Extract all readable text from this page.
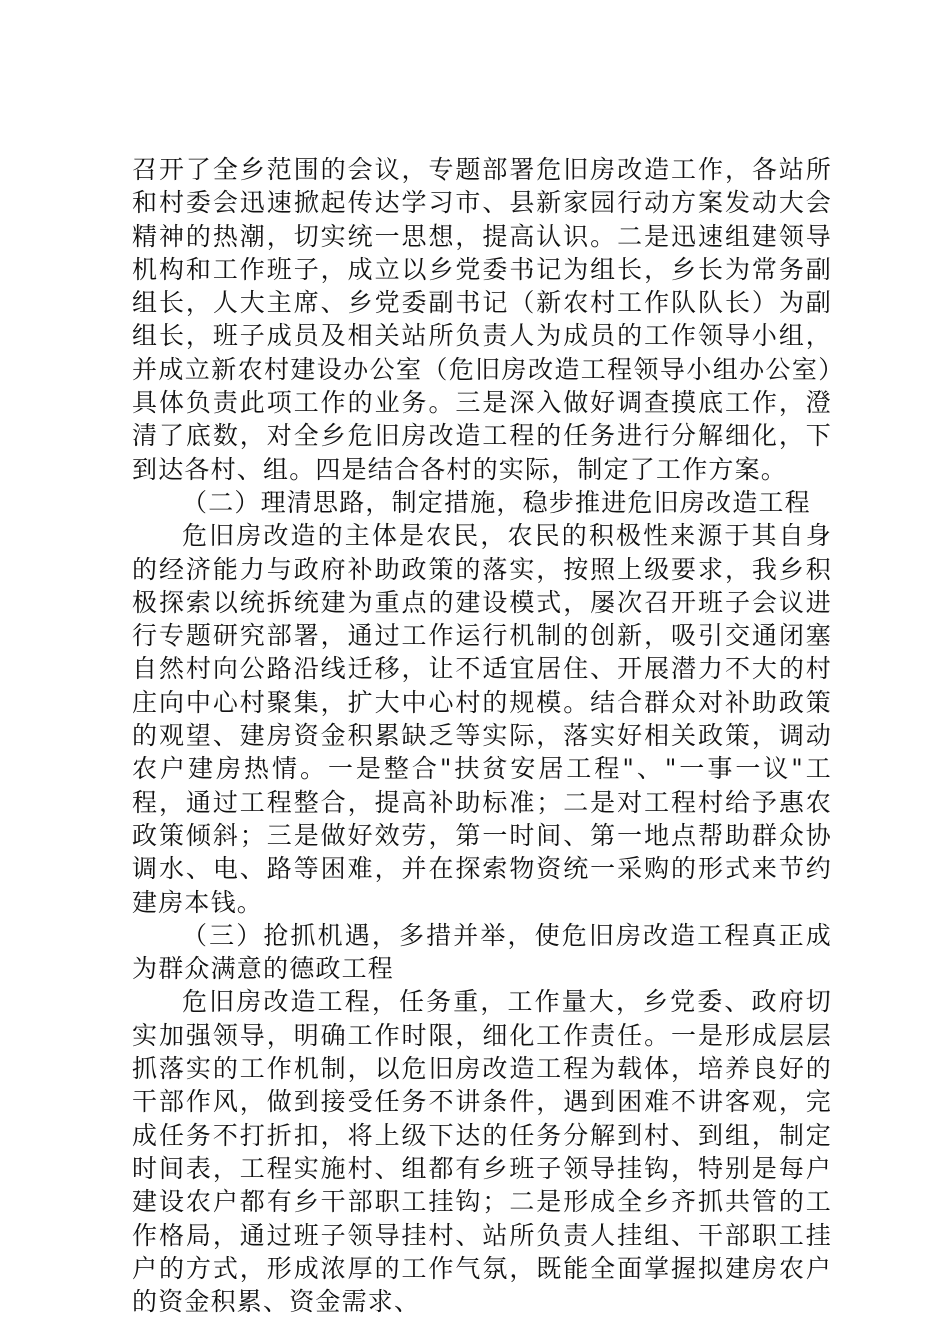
召开了全乡范围的会议，专题部署危旧房改造工作，各站所和村委会迅速掀起传达学习市、县新家园行动方案发动大会精神的热潮，切实统一思想，提高认识。二是迅速组建领导机构和工作班子，成立以乡党委书记为组长，乡长为常务副组长，人大主席、乡党委副书记（新农村工作队队长）为副组长，班子成员及相关站所负责人为成员的工作领导小组，并成立新农村建设办公室（危旧房改造工程领导小组办公室）具体负责此项工作的业务。三是深入做好调查摸底工作，澄清了底数，对全乡危旧房改造工程的任务进行分解细化，下到达各村、组。四是结合各村的实际，制定了工作方案。

（二）理清思路，制定措施，稳步推进危旧房改造工程

危旧房改造的主体是农民，农民的积极性来源于其自身的经济能力与政府补助政策的落实，按照上级要求，我乡积极探索以统拆统建为重点的建设模式，屡次召开班子会议进行专题研究部署，通过工作运行机制的创新，吸引交通闭塞自然村向公路沿线迁移，让不适宜居住、开展潜力不大的村庄向中心村聚集，扩大中心村的规模。结合群众对补助政策的观望、建房资金积累缺乏等实际，落实好相关政策，调动农户建房热情。一是整合"扶贫安居工程"、"一事一议"工程，通过工程整合，提高补助标准；二是对工程村给予惠农政策倾斜；三是做好效劳，第一时间、第一地点帮助群众协调水、电、路等困难，并在探索物资统一采购的形式来节约建房本钱。

（三）抢抓机遇，多措并举，使危旧房改造工程真正成为群众满意的德政工程

危旧房改造工程，任务重，工作量大，乡党委、政府切实加强领导，明确工作时限，细化工作责任。一是形成层层抓落实的工作机制，以危旧房改造工程为载体，培养良好的干部作风，做到接受任务不讲条件，遇到困难不讲客观，完成任务不打折扣，将上级下达的任务分解到村、到组，制定时间表，工程实施村、组都有乡班子领导挂钩，特别是每户建设农户都有乡干部职工挂钩；二是形成全乡齐抓共管的工作格局，通过班子领导挂村、站所负责人挂组、干部职工挂户的方式，形成浓厚的工作气氛，既能全面掌握拟建房农户的资金积累、资金需求、
